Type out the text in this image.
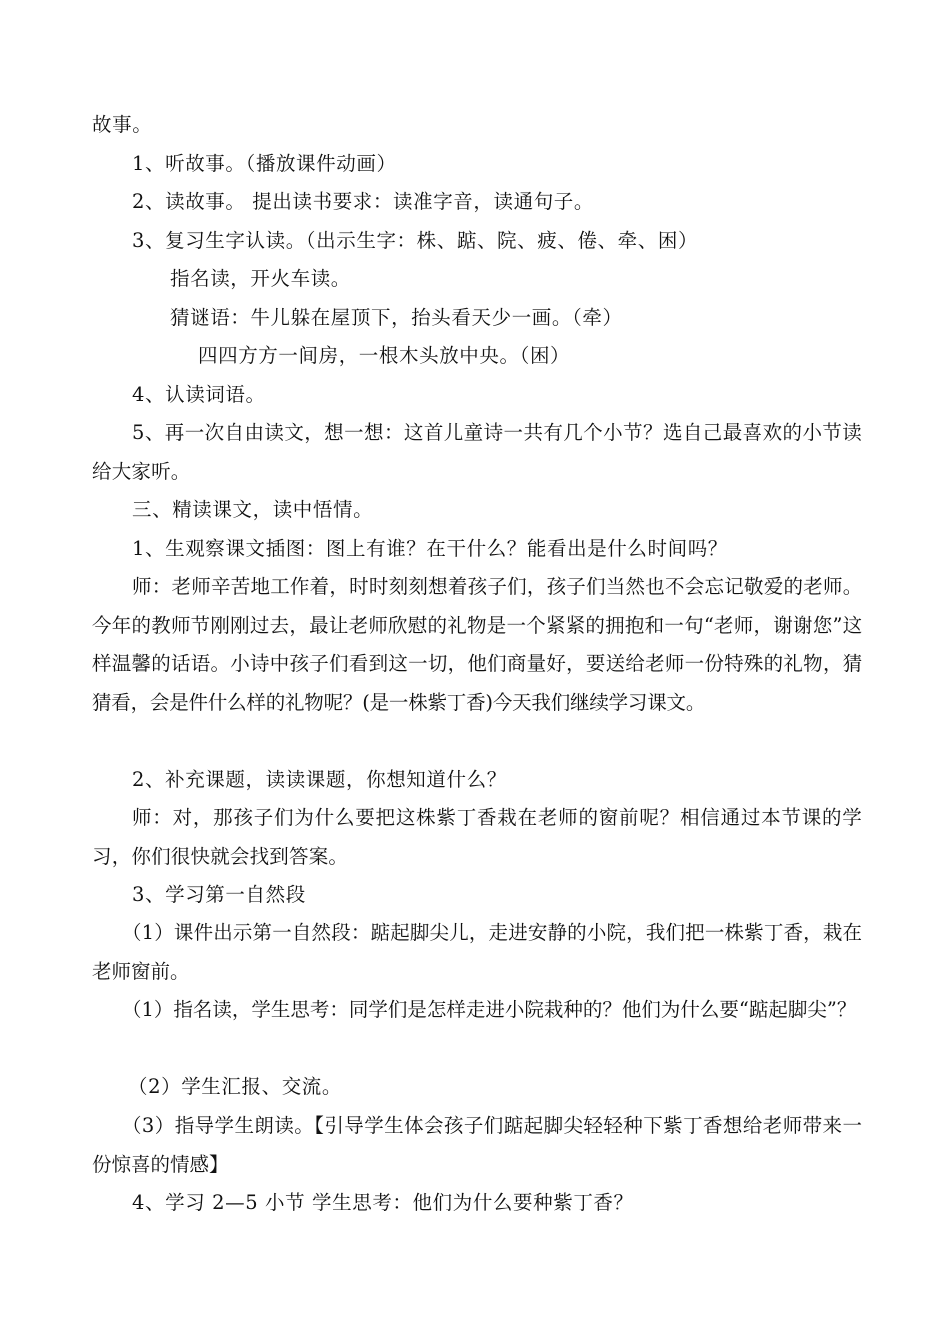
故事。
1、听故事。（播放课件动画）
2、读故事。 提出读书要求：读准字音，读通句子。
3、复习生字认读。（出示生字：株、踮、院、疲、倦、牵、困）
指名读，开火车读。
猜谜语：牛儿躲在屋顶下，抬头看天少一画。（牵）
四四方方一间房，一根木头放中央。（困）
4、认读词语。
5、再一次自由读文，想一想：这首儿童诗一共有几个小节？选自己最喜欢的小节读给大家听。
三、精读课文，读中悟情。
1、生观察课文插图：图上有谁？在干什么？能看出是什么时间吗？
师：老师辛苦地工作着，时时刻刻想着孩子们，孩子们当然也不会忘记敬爱的老师。今年的教师节刚刚过去，最让老师欣慰的礼物是一个紧紧的拥抱和一句“老师，谢谢您”这样温馨的话语。小诗中孩子们看到这一切，他们商量好，要送给老师一份特殊的礼物，猜猜看，会是件什么样的礼物呢？(是一株紫丁香)今天我们继续学习课文。
2、补充课题，读读课题，你想知道什么？
师：对，那孩子们为什么要把这株紫丁香栽在老师的窗前呢？相信通过本节课的学习，你们很快就会找到答案。
3、学习第一自然段
（1）课件出示第一自然段：踮起脚尖儿，走进安静的小院，我们把一株紫丁香，栽在老师窗前。
（1）指名读，学生思考：同学们是怎样走进小院栽种的？他们为什么要“踮起脚尖”？
（2）学生汇报、交流。
（3）指导学生朗读。【引导学生体会孩子们踮起脚尖轻轻种下紫丁香想给老师带来一份惊喜的情感】
4、学习 2—5 小节 学生思考：他们为什么要种紫丁香？
